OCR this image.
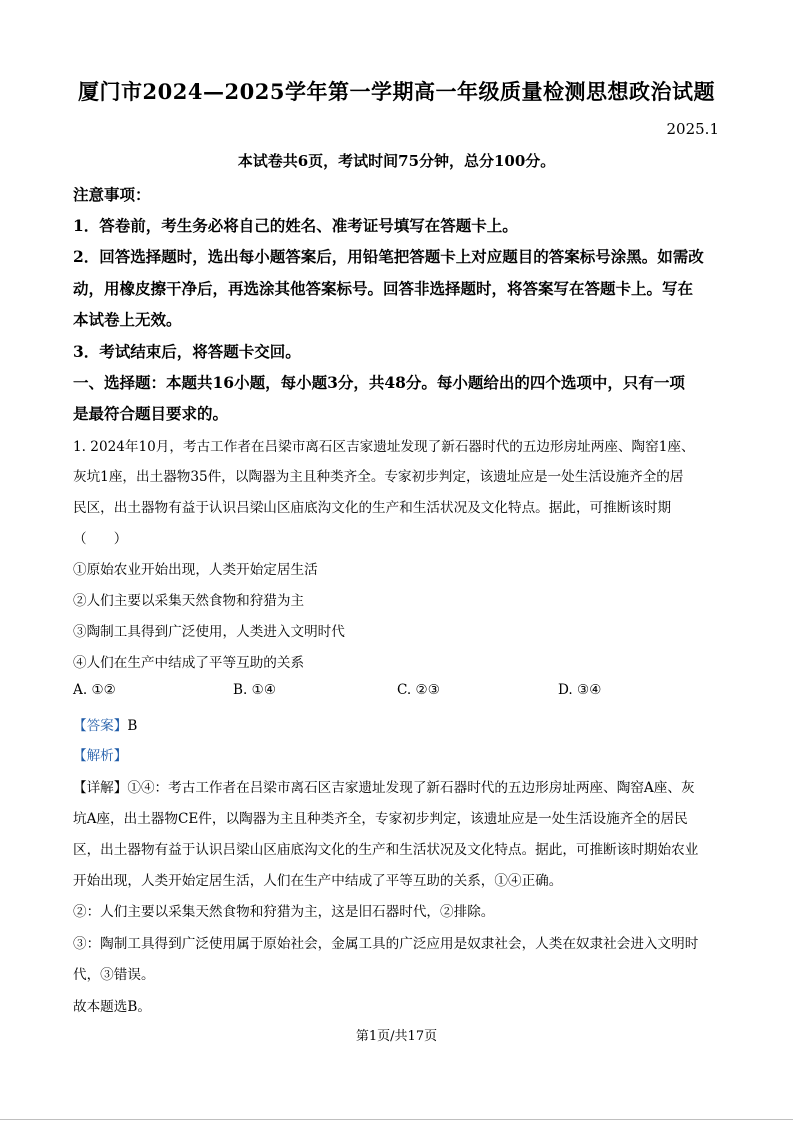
厦门市2024—2025学年第一学期高一年级质量检测思想政治试题
2025.1
本试卷共6页，考试时间75分钟，总分100分。
注意事项：
1．答卷前，考生务必将自己的姓名、准考证号填写在答题卡上。
2．回答选择题时，选出每小题答案后，用铅笔把答题卡上对应题目的答案标号涂黑。如需改
动，用橡皮擦干净后，再选涂其他答案标号。回答非选择题时，将答案写在答题卡上。写在
本试卷上无效。
3．考试结束后，将答题卡交回。
一、选择题：本题共16小题，每小题3分，共48分。每小题给出的四个选项中，只有一项
是最符合题目要求的。
1. 2024年10月，考古工作者在吕梁市离石区吉家遗址发现了新石器时代的五边形房址两座、陶窑1座、
灰坑1座，出土器物35件，以陶器为主且种类齐全。专家初步判定，该遗址应是一处生活设施齐全的居
民区，出土器物有益于认识吕梁山区庙底沟文化的生产和生活状况及文化特点。据此，可推断该时期
（　　）
①原始农业开始出现，人类开始定居生活
②人们主要以采集天然食物和狩猎为主
③陶制工具得到广泛使用，人类进入文明时代
④人们在生产中结成了平等互助的关系
A. ①②	B. ①④	C. ②③	D. ③④
【答案】B
【解析】
【详解】①④：考古工作者在吕梁市离石区吉家遗址发现了新石器时代的五边形房址两座、陶窑A座、灰
坑A座，出土器物CE件，以陶器为主且种类齐全，专家初步判定，该遗址应是一处生活设施齐全的居民
区，出土器物有益于认识吕梁山区庙底沟文化的生产和生活状况及文化特点。据此，可推断该时期始农业
开始出现，人类开始定居生活，人们在生产中结成了平等互助的关系，①④正确。
②：人们主要以采集天然食物和狩猎为主，这是旧石器时代，②排除。
③：陶制工具得到广泛使用属于原始社会，金属工具的广泛应用是奴隶社会，人类在奴隶社会进入文明时
代，③错误。
故本题选B。
第1页/共17页
